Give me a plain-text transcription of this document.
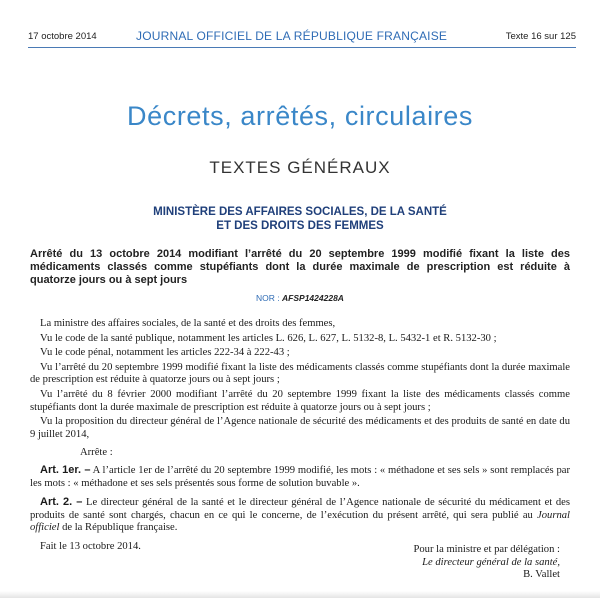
17 octobre 2014	JOURNAL OFFICIEL DE LA RÉPUBLIQUE FRANÇAISE	Texte 16 sur 125
Décrets, arrêtés, circulaires
TEXTES GÉNÉRAUX
MINISTÈRE DES AFFAIRES SOCIALES, DE LA SANTÉ
ET DES DROITS DES FEMMES
Arrêté du 13 octobre 2014 modifiant l’arrêté du 20 septembre 1999 modifié fixant la liste des médicaments classés comme stupéfiants dont la durée maximale de prescription est réduite à quatorze jours ou à sept jours
NOR : AFSP1424228A

La ministre des affaires sociales, de la santé et des droits des femmes,

Vu le code de la santé publique, notamment les articles L. 626, L. 627, L. 5132-8, L. 5432-1 et R. 5132-30 ;

Vu le code pénal, notamment les articles 222-34 à 222-43 ;

Vu l’arrêté du 20 septembre 1999 modifié fixant la liste des médicaments classés comme stupéfiants dont la durée maximale de prescription est réduite à quatorze jours ou à sept jours ;

Vu l’arrêté du 8 février 2000 modifiant l’arrêté du 20 septembre 1999 fixant la liste des médicaments classés comme stupéfiants dont la durée maximale de prescription est réduite à quatorze jours ou à sept jours ;

Vu la proposition du directeur général de l’Agence nationale de sécurité des médicaments et des produits de santé en date du 9 juillet 2014,

Arrête :

Art. 1er. – A l’article 1er de l’arrêté du 20 septembre 1999 modifié, les mots : « méthadone et ses sels » sont remplacés par les mots : « méthadone et ses sels présentés sous forme de solution buvable ».

Art. 2. – Le directeur général de la santé et le directeur général de l’Agence nationale de sécurité du médicament et des produits de santé sont chargés, chacun en ce qui le concerne, de l’exécution du présent arrêté, qui sera publié au Journal officiel de la République française.

Fait le 13 octobre 2014.	Pour la ministre et par délégation :
Le directeur général de la santé,
B. Vallet
